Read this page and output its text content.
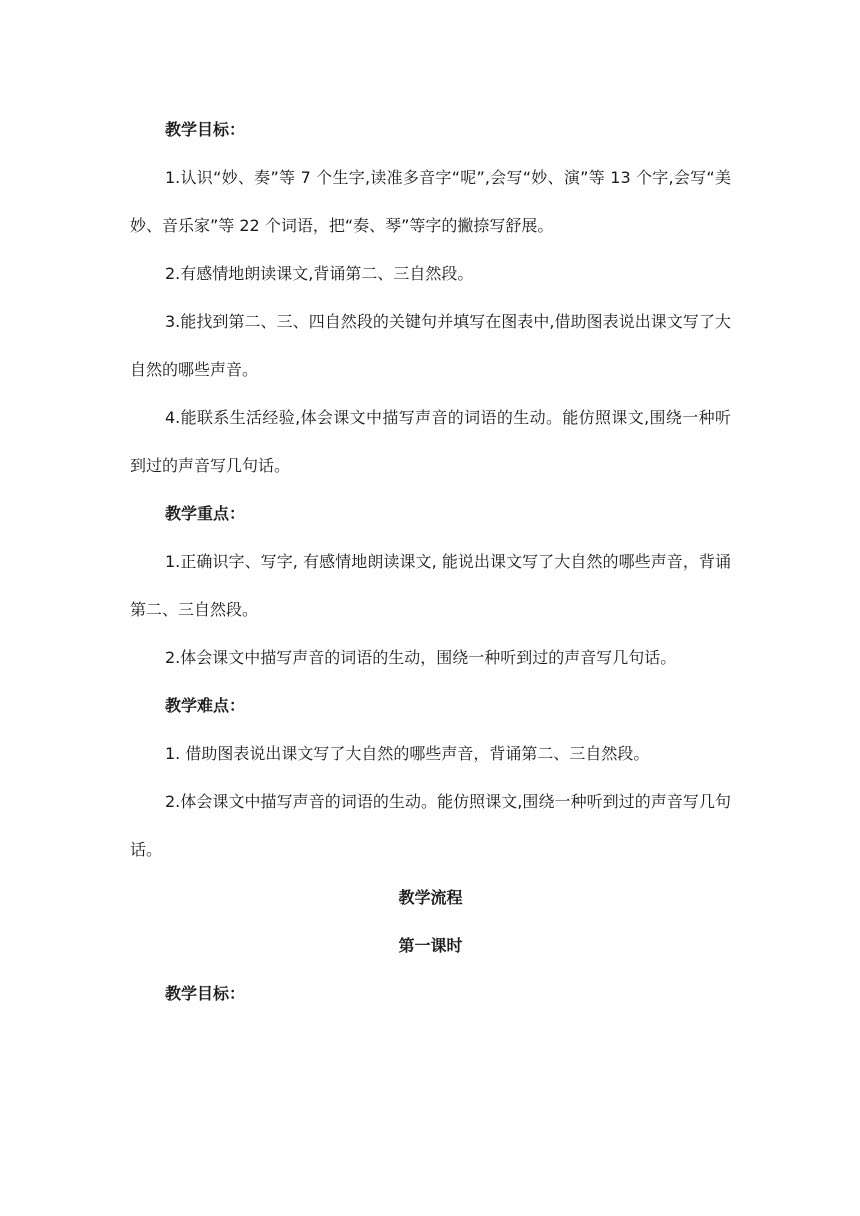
教学目标：

1.认识“妙、奏”等 7 个生字,读准多音字“呢”,会写“妙、演”等 13 个字,会写“美妙、音乐家”等 22 个词语，把“奏、琴”等字的撇捺写舒展。

2.有感情地朗读课文,背诵第二、三自然段。

3.能找到第二、三、四自然段的关键句并填写在图表中,借助图表说出课文写了大自然的哪些声音。

4.能联系生活经验,体会课文中描写声音的词语的生动。能仿照课文,围绕一种听到过的声音写几句话。

教学重点：

1.正确识字、写字, 有感情地朗读课文, 能说出课文写了大自然的哪些声音，背诵第二、三自然段。

2.体会课文中描写声音的词语的生动，围绕一种听到过的声音写几句话。

教学难点：

1. 借助图表说出课文写了大自然的哪些声音，背诵第二、三自然段。

2.体会课文中描写声音的词语的生动。能仿照课文,围绕一种听到过的声音写几句话。

教学流程

第一课时

教学目标：
